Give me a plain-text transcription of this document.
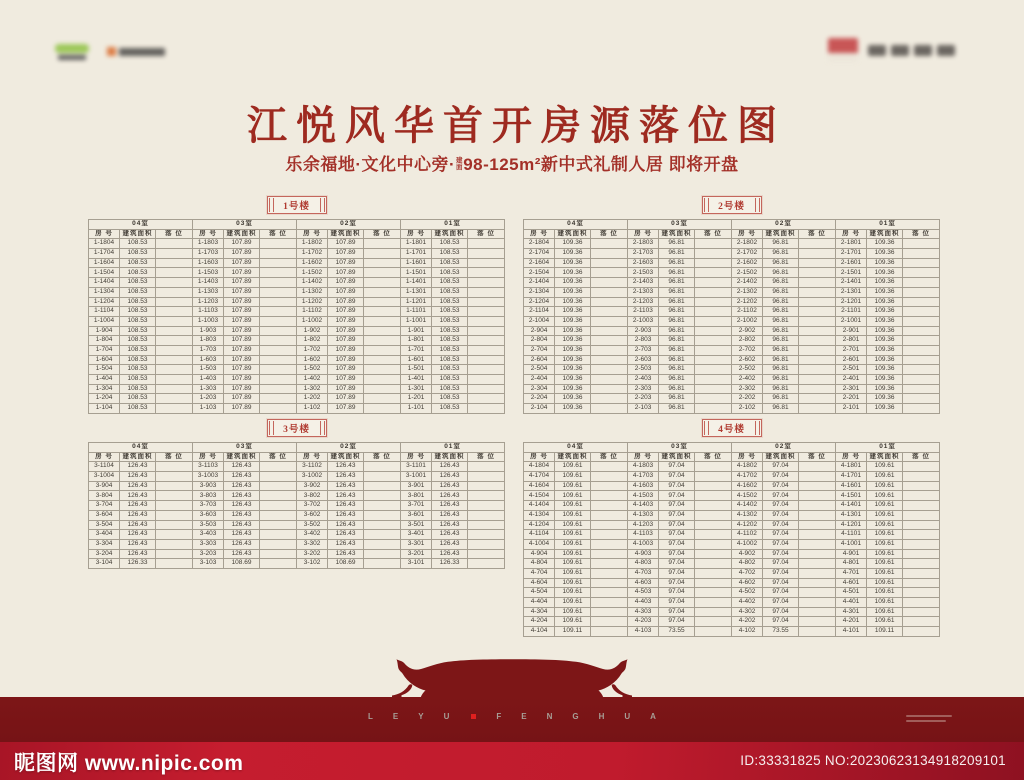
江悦风华首开房源落位图
乐余福地·文化中心旁·建面98-125m²新中式礼制人居 即将开盘
1号楼
04室			03室			02室			01室		
房 号	建筑面积	落 位	房 号	建筑面积	落 位	房 号	建筑面积	落 位	房 号	建筑面积	落 位
1-1804	108.53		1-1803	107.89		1-1802	107.89		1-1801	108.53	
1-1704	108.53		1-1703	107.89		1-1702	107.89		1-1701	108.53	
1-1604	108.53		1-1603	107.89		1-1602	107.89		1-1601	108.53	
1-1504	108.53		1-1503	107.89		1-1502	107.89		1-1501	108.53	
1-1404	108.53		1-1403	107.89		1-1402	107.89		1-1401	108.53	
1-1304	108.53		1-1303	107.89		1-1302	107.89		1-1301	108.53	
1-1204	108.53		1-1203	107.89		1-1202	107.89		1-1201	108.53	
1-1104	108.53		1-1103	107.89		1-1102	107.89		1-1101	108.53	
1-1004	108.53		1-1003	107.89		1-1002	107.89		1-1001	108.53	
1-904	108.53		1-903	107.89		1-902	107.89		1-901	108.53	
1-804	108.53		1-803	107.89		1-802	107.89		1-801	108.53	
1-704	108.53		1-703	107.89		1-702	107.89		1-701	108.53	
1-604	108.53		1-603	107.89		1-602	107.89		1-601	108.53	
1-504	108.53		1-503	107.89		1-502	107.89		1-501	108.53	
1-404	108.53		1-403	107.89		1-402	107.89		1-401	108.53	
1-304	108.53		1-303	107.89		1-302	107.89		1-301	108.53	
1-204	108.53		1-203	107.89		1-202	107.89		1-201	108.53	
1-104	108.53		1-103	107.89		1-102	107.89		1-101	108.53	
2号楼
04室			03室			02室			01室		
房 号	建筑面积	落 位	房 号	建筑面积	落 位	房 号	建筑面积	落 位	房 号	建筑面积	落 位
2-1804	109.36		2-1803	96.81		2-1802	96.81		2-1801	109.36	
2-1704	109.36		2-1703	96.81		2-1702	96.81		2-1701	109.36	
2-1604	109.36		2-1603	96.81		2-1602	96.81		2-1601	109.36	
2-1504	109.36		2-1503	96.81		2-1502	96.81		2-1501	109.36	
2-1404	109.36		2-1403	96.81		2-1402	96.81		2-1401	109.36	
2-1304	109.36		2-1303	96.81		2-1302	96.81		2-1301	109.36	
2-1204	109.36		2-1203	96.81		2-1202	96.81		2-1201	109.36	
2-1104	109.36		2-1103	96.81		2-1102	96.81		2-1101	109.36	
2-1004	109.36		2-1003	96.81		2-1002	96.81		2-1001	109.36	
2-904	109.36		2-903	96.81		2-902	96.81		2-901	109.36	
2-804	109.36		2-803	96.81		2-802	96.81		2-801	109.36	
2-704	109.36		2-703	96.81		2-702	96.81		2-701	109.36	
2-604	109.36		2-603	96.81		2-602	96.81		2-601	109.36	
2-504	109.36		2-503	96.81		2-502	96.81		2-501	109.36	
2-404	109.36		2-403	96.81		2-402	96.81		2-401	109.36	
2-304	109.36		2-303	96.81		2-302	96.81		2-301	109.36	
2-204	109.36		2-203	96.81		2-202	96.81		2-201	109.36	
2-104	109.36		2-103	96.81		2-102	96.81		2-101	109.36	
3号楼
04室			03室			02室			01室		
房 号	建筑面积	落 位	房 号	建筑面积	落 位	房 号	建筑面积	落 位	房 号	建筑面积	落 位
3-1104	126.43		3-1103	126.43		3-1102	126.43		3-1101	126.43	
3-1004	126.43		3-1003	126.43		3-1002	126.43		3-1001	126.43	
3-904	126.43		3-903	126.43		3-902	126.43		3-901	126.43	
3-804	126.43		3-803	126.43		3-802	126.43		3-801	126.43	
3-704	126.43		3-703	126.43		3-702	126.43		3-701	126.43	
3-604	126.43		3-603	126.43		3-602	126.43		3-601	126.43	
3-504	126.43		3-503	126.43		3-502	126.43		3-501	126.43	
3-404	126.43		3-403	126.43		3-402	126.43		3-401	126.43	
3-304	126.43		3-303	126.43		3-302	126.43		3-301	126.43	
3-204	126.43		3-203	126.43		3-202	126.43		3-201	126.43	
3-104	126.33		3-103	108.69		3-102	108.69		3-101	126.33	
4号楼
04室			03室			02室			01室		
房 号	建筑面积	落 位	房 号	建筑面积	落 位	房 号	建筑面积	落 位	房 号	建筑面积	落 位
4-1804	109.61		4-1803	97.04		4-1802	97.04		4-1801	109.61	
4-1704	109.61		4-1703	97.04		4-1702	97.04		4-1701	109.61	
4-1604	109.61		4-1603	97.04		4-1602	97.04		4-1601	109.61	
4-1504	109.61		4-1503	97.04		4-1502	97.04		4-1501	109.61	
4-1404	109.61		4-1403	97.04		4-1402	97.04		4-1401	109.61	
4-1304	109.61		4-1303	97.04		4-1302	97.04		4-1301	109.61	
4-1204	109.61		4-1203	97.04		4-1202	97.04		4-1201	109.61	
4-1104	109.61		4-1103	97.04		4-1102	97.04		4-1101	109.61	
4-1004	109.61		4-1003	97.04		4-1002	97.04		4-1001	109.61	
4-904	109.61		4-903	97.04		4-902	97.04		4-901	109.61	
4-804	109.61		4-803	97.04		4-802	97.04		4-801	109.61	
4-704	109.61		4-703	97.04		4-702	97.04		4-701	109.61	
4-604	109.61		4-603	97.04		4-602	97.04		4-601	109.61	
4-504	109.61		4-503	97.04		4-502	97.04		4-501	109.61	
4-404	109.61		4-403	97.04		4-402	97.04		4-401	109.61	
4-304	109.61		4-303	97.04		4-302	97.04		4-301	109.61	
4-204	109.61		4-203	97.04		4-202	97.04		4-201	109.61	
4-104	109.11		4-103	73.55		4-102	73.55		4-101	109.11	
LEYU	FENGHUA
昵图网 www.nipic.com	ID:33331825 NO:20230623134918209101
